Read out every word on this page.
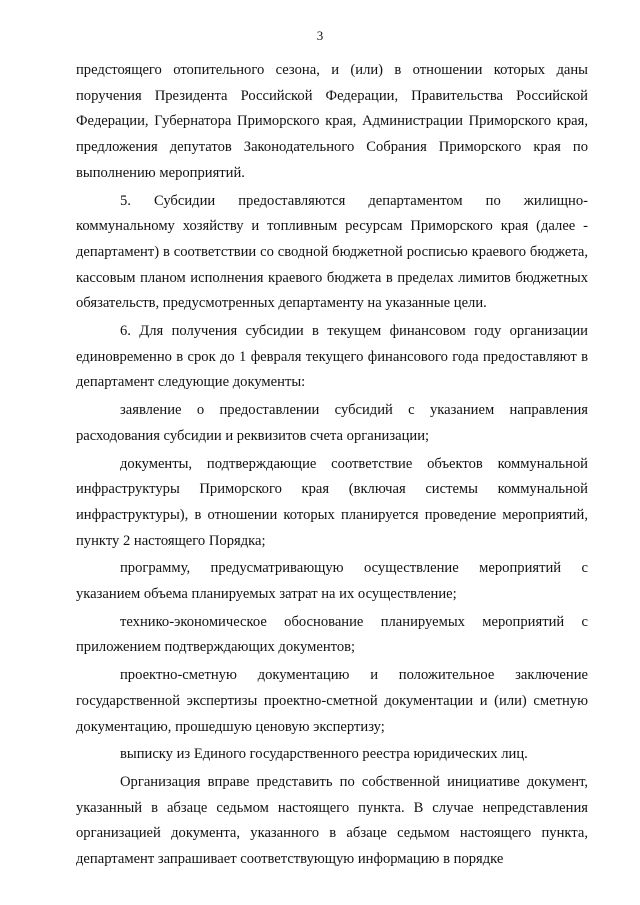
3

предстоящего отопительного сезона, и (или) в отношении которых даны поручения Президента Российской Федерации, Правительства Российской Федерации, Губернатора Приморского края, Администрации Приморского края, предложения депутатов Законодательного Собрания Приморского края по выполнению мероприятий.

5. Субсидии предоставляются департаментом по жилищно-коммунальному хозяйству и топливным ресурсам Приморского края (далее - департамент) в соответствии со сводной бюджетной росписью краевого бюджета, кассовым планом исполнения краевого бюджета в пределах лимитов бюджетных обязательств, предусмотренных департаменту на указанные цели.

6. Для получения субсидии в текущем финансовом году организации единовременно в срок до 1 февраля текущего финансового года предоставляют в департамент следующие документы:

заявление о предоставлении субсидий с указанием направления расходования субсидии и реквизитов счета организации;

документы, подтверждающие соответствие объектов коммунальной инфраструктуры Приморского края (включая системы коммунальной инфраструктуры), в отношении которых планируется проведение мероприятий, пункту 2 настоящего Порядка;

программу, предусматривающую осуществление мероприятий с указанием объема планируемых затрат на их осуществление;

технико-экономическое обоснование планируемых мероприятий с приложением подтверждающих документов;

проектно-сметную документацию и положительное заключение государственной экспертизы проектно-сметной документации и (или) сметную документацию, прошедшую ценовую экспертизу;

выписку из Единого государственного реестра юридических лиц.

Организация вправе представить по собственной инициативе документ, указанный в абзаце седьмом настоящего пункта. В случае непредставления организацией документа, указанного в абзаце седьмом настоящего пункта, департамент запрашивает соответствующую информацию в порядке
